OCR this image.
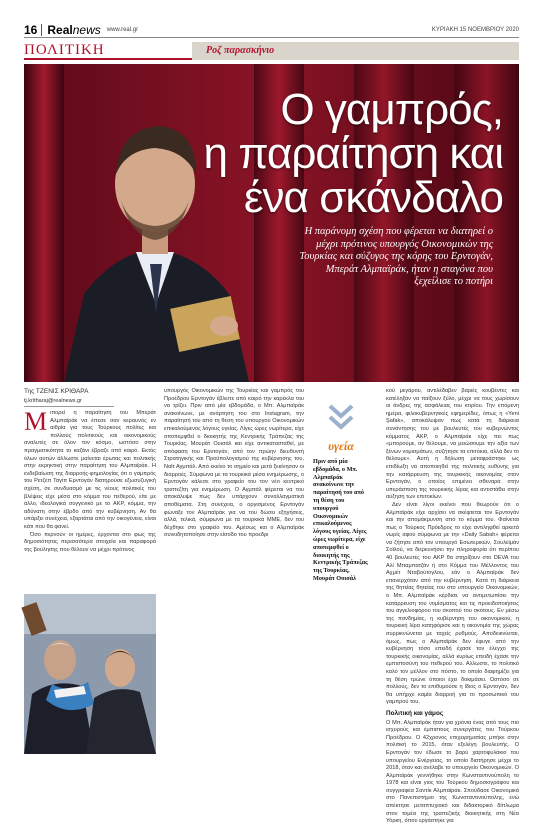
16 Real news www.real.gr	ΚΥΡΙΑΚΗ 15 ΝΟΕΜΒΡΙΟΥ 2020
ΠΟΛΙΤΙΚΗ	Ροζ παρασκήνιο
Ο γαμπρός,
η παραίτηση και
ένα σκάνδαλο
Η παράνομη σχέση που φέρεται να διατηρεί ο μέχρι πρότινος υπουργός Οικονομικών της Τουρκίας και σύζυγος της κόρης του Ερντογάν, Μπεράτ Αλμπαϊράκ, ήταν η σταγόνα που ξεχείλισε το ποτήρι
Της ΤΖΕΝΙΣ ΚΡΙΘΑΡΑ
tj.kritharaj@realnews.gr
Μ ιπορεί η παραίτηση του Μπεράτ Αλμπαϊράκ να έπεσε σαν κεραυνός εν αιθρία για τους Τούρκους πολίτες και πολλούς πολιτικούς και οικονομικούς αναλυτές σε όλον τον κόσμο, ωστόσο στην πραγματικότητα το καζάνι έβραζε από καιρό. Εκτός όλων αυτών άλλωστε μαίνεται έρωτας και πολιτικής στην εκρηκτική στην παραίτηση του Αλμπαϊράκ. Η ενδεβαίωση της διαρροής-φημολογίας ότι ο γαμπρός του Ρετζέπ Ταγίπ Ερντογάν διατηρούσε εξωσυζυγική σχέση, σε συνδυασμό με τις νέους πολιτικές του βλέψεις είχε μέσα στο κόμμα του πεθερού, είτε με άλλο, ιδεολογικά συγγενικό με το AKP, κόμμα, την αδύνατη στην έβρδο από την κυβέρνηση. Αν θα υπάρξει συνέχεια, εξαρτάται από την οικογένεια, είναι κάτι που θα φανεί.

Όσο περνούν οι ημέρες, έρχονται στο φως της δημοσιότητας περισσότερα στοιχεία και παραφορά της βούλησης που θέλουν να μέχρι πρότινος

υπουργός Οικονομικών της Τουρκίας και γαμπρός του Προέδρου Ερντογάν έβλεπε από καιρό την καρέκλα του να τρίζει. Πριν από μία εβδομάδα, ο Μπ. Αλμπαϊράκ ανακοίνωνε, με ανάρτηση του στο Instagram, την παραίτησή του από τη θέση του υπουργού Οικονομικών επικαλούμενος λόγους υγείας. Λίγες ώρες νωρίτερα, είχε αποπεμφθεί ο διοικητής της Κεντρικής Τράπεζας της Τουρκίας, Μουράτ Ουισάλ και είχε αντικατασταθεί, με απόφαση του Ερντογάν, από τον πρώην διευθυντή Στρατηγικής και Προϋπολογισμού της κυβέρνησης του, Ναΐτ Αγμπάλ. Από εκείνο το σημείο και μετά ξεκίνησαν οι διαρροές. Σύμφωνα με τα τουρκικά μέσα ενημέρωσης, ο Ερντογάν κάλεσε στο γραφείο του τον νέο κεντρικό τραπεζίτη για ενημέρωση. Ο Αγμπάλ φέρεται να του αποκάλυψε πως δεν υπάρχουν συναλλαγματικά αποθέματα. Στη συνέχεια, ο οργισμένος Ερντογάν φώναξε τον Αλμπαϊράκ για να του δώσει εξηγήσεις, αλλά, τελικά, σύμφωνα με τα τουρκικά ΜΜΕ, δεν του δέχθηκε στο γραφείο του. Αμέσως και ο Αλμπαϊράκ συνειδητοποίησε στην είσοδο του προεδρι

υγεία
Πριν από μία εβδομάδα, ο Μπ. Αλμπαϊράκ ανακοίνωνε την παραίτησή του από τη θέση του υπουργού Οικονομικών επικαλούμενος λόγους υγείας. Λίγες ώρες νωρίτερα, είχε αποπεμφθεί ο διοικητής της Κεντρικής Τράπεζας της Τουρκίας, Μουράτ Ουισάλ

κού μεγάρου, αντιλέδαβεν βαριές κουβέντες και κατέληξαν να παίξουν ξύλο, μέχρι να τους χωρίσουν οι άνδρες της ασφάλειας του κτιρίου. Την επόμενη ημέρα, φιλοκυβερνητικές εφημερίδες, όπως η «Yeni Şafak», αποκάλυψαν πως κατά τη διάρκεια συνάντησης του με βουλευτές του κυβερνώντος κόμματος AKP, ο Αλμπαϊράκ είχε πει πως «μπορούμε, αν θέλουμε, να μειώσουμε την αξία των ξένων νομισμάτων, συζήτησε τα επιτόκια, αλλά δεν το θέλουμε». Αυτή η δήλωση μεταφράστηκε ως επιδίωξη να αποποιηθεί της πολιτικής ευθύνης για την κατάρρευση της τουρκικής οικονομίας στον Ερντογάν, ο οποίος επιμένει σθεναρά στην υπεράσπιση της τουρκικής λίρας και αντιστάθει στην αύξηση των επιτοκίων.

Δεν είναι λίγοι εκείνοι που θεωρούν ότι ο Αλμπαϊράκ είχε αρχίσει να σκέφτεται τον Ερντογάν και την απομάκρυνση από το κόμμα του. Φαίνεται πως ο Τούρκος Πρόεδρος το είχε αντιληφθεί αρκετά νωρίς αφού σύμφωνα με την «Daily Sabah» φέρεται να ζήτησε από τον υπουργό Εσωτερικών, Σουλεϊμάν Σοϊλού, να διερευνήσει την πληροφορία ότι περίπου 40 βουλευτές του AKP θα στηρίξουν στο DEVA του Αλί Μπαμπατζάν ή στο Κόμμα του Μέλλοντος του Αχμέτ Νταβούτογλου, εάν ο Αλμπαϊράκ δεν επανερχόταν από την κυβέρνηση. Κατά τη διάρκεια της θητείας θητείας του στο υπουργείο Οικονομικών, ο Μπ. Αλμπαϊράκ κέρδισε να αντιμετωπίσει την κατάρρευση του νομίσματος και τις προειδοποιήσεις του αγγελιοφόρου του σκοπού του σκότους. Εν μέσω της πανδημίας, η κυβέρνηση του οικονομικού, η τουρκική λίρα κατηφόρισε και η οικονομία της χώρας συρρικνώνεται με ταχείς ρυθμούς. Αποδεικνύεται, όμως, πως ο Αλμπαϊράκ δεν έφυγε από την κυβέρνηση τόσο επειδή έχασε τον έλεγχο της τουρκικής οικονομίας, αλλά κυρίως επειδή έχασε την εμπιστοσύνη του πεθερού του. Αλλωστε, το πολιτικό καλό τον μέλλον στο πόστο, το οποίο διαφημίζει για τη θέση τρώνε όποιοι έχει δοκιμάσει. Ωστόσο σε πολλούς, δεν το επιθυμούσε η ίδιος ο Ερντογάν, δεν θα υπήρχε καμία διαρροή για το προσωπικό του γαμπρού του.

Πολιτική και γάμος

Ο Μπ. Αλμπαϊράκ ήταν για χρόνια ένας από τους πιο ισχυρούς και έμπιστους συνεργάτες του Τούρκου Προέδρου. Ο 42χρονος επιχειρηματίας μπήκε στην πολιτική το 2015, όταν εξελέγη βουλευτής. Ο Ερντογάν τον έδωσε το βαρύ χαρτοφυλάκιο του υπουργείου Ενέργειας, το οποίο διατήρησε μέχρι το 2018, όταν και ανέλαβε το υπουργείο Οικονομικών. Ο Αλμπαϊράκ γεννήθηκε στην Κωνσταντινούπολη το 1978 και είναι γιος του Τούρκου δημοσιογράφου και συγγραφέα Σαντίκ Αλμπαϊράκ. Σπούδασε Οικονομικά στο Πανεπιστήμιο της Κωνσταντινούπολης, ενώ απέκτησε μεταπτυχιακό και διδακτορικό δίπλωμα στον τομέα της τραπεζικής διοικητικής στη Νέα Υόρκη, όπου εργάστηκε για
